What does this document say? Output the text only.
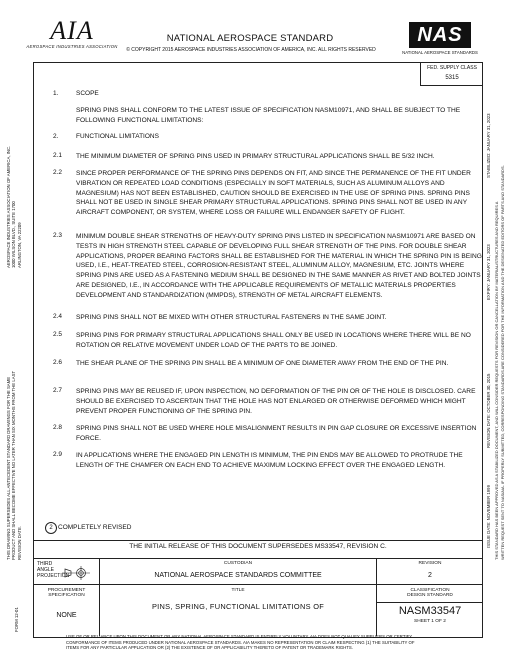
AIA
AEROSPACE INDUSTRIES ASSOCIATION
NATIONAL AEROSPACE STANDARD
© COPYRIGHT 2015 AEROSPACE INDUSTRIES ASSOCIATION OF AMERICA, INC. ALL RIGHTS RESERVED
NAS
NATIONAL AEROSPACE STANDARDS
FED. SUPPLY CLASS
5315
1.	SCOPE
SPRING PINS SHALL CONFORM TO THE LATEST ISSUE OF SPECIFICATION NASM10971, AND SHALL BE SUBJECT TO THE FOLLOWING FUNCTIONAL LIMITATIONS:
2.	FUNCTIONAL LIMITATIONS
2.1 THE MINIMUM DIAMETER OF SPRING PINS USED IN PRIMARY STRUCTURAL APPLICATIONS SHALL BE 5/32 INCH.
2.2 SINCE PROPER PERFORMANCE OF THE SPRING PINS DEPENDS ON FIT, AND SINCE THE PERMANENCE OF THE FIT UNDER VIBRATION OR REPEATED LOAD CONDITIONS (ESPECIALLY IN SOFT MATERIALS, SUCH AS ALUMINUM ALLOYS AND MAGNESIUM) HAS NOT BEEN ESTABLISHED, CAUTION SHOULD BE EXERCISED IN THE USE OF SPRING PINS. SPRING PINS SHALL NOT BE USED IN SINGLE SHEAR PRIMARY STRUCTURAL APPLICATIONS. SPRING PINS SHALL NOT BE USED IN ANY AIRCRAFT COMPONENT, OR SYSTEM, WHERE LOSS OR FAILURE WILL ENDANGER SAFETY OF FLIGHT.
2.3 MINIMUM DOUBLE SHEAR STRENGTHS OF HEAVY-DUTY SPRING PINS LISTED IN SPECIFICATION NASM10971 ARE BASED ON TESTS IN HIGH STRENGTH STEEL CAPABLE OF DEVELOPING FULL SHEAR STRENGTH OF THE PINS. FOR DOUBLE SHEAR APPLICATIONS, PROPER BEARING FACTORS SHALL BE ESTABLISHED FOR THE MATERIAL IN WHICH THE SPRING PIN IS BEING USED, I.E., HEAT-TREATED STEEL, CORROSION-RESISTANT STEEL, ALUMINUM ALLOY, MAGNESIUM, ETC. JOINTS WHERE SPRING PINS ARE USED AS A FASTENING MEDIUM SHALL BE DESIGNED IN THE SAME MANNER AS RIVET AND BOLTED JOINTS ARE DESIGNED, I.E., IN ACCORDANCE WITH THE APPLICABLE REQUIREMENTS OF METALLIC MATERIALS PROPERTIES DEVELOPMENT AND STANDARDIZATION (MMPDS), STRENGTH OF METAL AIRCRAFT ELEMENTS.
2.4 SPRING PINS SHALL NOT BE MIXED WITH OTHER STRUCTURAL FASTENERS IN THE SAME JOINT.
2.5 SPRING PINS FOR PRIMARY STRUCTURAL APPLICATIONS SHALL ONLY BE USED IN LOCATIONS WHERE THERE WILL BE NO ROTATION OR RELATIVE MOVEMENT UNDER LOAD OF THE PARTS TO BE JOINED.
2.6 THE SHEAR PLANE OF THE SPRING PIN SHALL BE A MINIMUM OF ONE DIAMETER AWAY FROM THE END OF THE PIN.
2.7 SPRING PINS MAY BE REUSED IF, UPON INSPECTION, NO DEFORMATION OF THE PIN OR OF THE HOLE IS DISCLOSED. CARE SHOULD BE EXERCISED TO ASCERTAIN THAT THE HOLE HAS NOT ENLARGED OR OTHERWISE DEFORMED WHICH MIGHT PREVENT PROPER FUNCTIONING OF THE SPRING PIN.
2.8 SPRING PINS SHALL NOT BE USED WHERE HOLE MISALIGNMENT RESULTS IN PIN GAP CLOSURE OR EXCESSIVE INSERTION FORCE.
2.9 IN APPLICATIONS WHERE THE ENGAGED PIN LENGTH IS MINIMUM, THE PIN ENDS MAY BE ALLOWED TO PROTRUDE THE LENGTH OF THE CHAMFER ON EACH END TO ACHIEVE MAXIMUM LOCKING EFFECT OVER THE ENGAGED LENGTH.
2 COMPLETELY REVISED
THE INITIAL RELEASE OF THIS DOCUMENT SUPERSEDES MS33547, REVISION C.
THIRD
ANGLE
PROJECTION
CUSTODIAN
NATIONAL AEROSPACE STANDARDS COMMITTEE
REVISION
2
PROCUREMENT
SPECIFICATION
NONE
TITLE
PINS, SPRING, FUNCTIONAL LIMITATIONS OF
CLASSIFICATION
DESIGN STANDARD
NASM33547
SHEET 1 OF 2
USE OF OR RELIANCE UPON THIS DOCUMENT OR ANY NATIONAL AEROSPACE STANDARD IS ENTIRELY VOLUNTARY. AIA DOES NOT QUALIFY SUPPLIERS OR CERTIFY
CONFORMANCE OF ITEMS PRODUCED UNDER NATIONAL AEROSPACE STANDARDS. AIA MAKES NO REPRESENTATION OR CLAIM RESPECTING (1) THE SUITABILITY OF
ITEMS FOR ANY PARTICULAR APPLICATION OR (2) THE EXISTENCE OF OR APPLICABILITY THERETO OF PATENT OR TRADEMARK RIGHTS.
AEROSPACE INDUSTRIES ASSOCIATION OF AMERICA, INC. 1000 WILSON BLVD., SUITE 1700 ARLINGTON, VA 22209
THIS DRAWING SUPERSEDES ALL ANTECEDENT STANDARD DRAWINGS FOR THE SAME PRODUCT AND SHALL BECOME EFFECTIVE NO LATER THAN SIX MONTHS FROM THE LAST REVISION DATE.
FORM 12-01
ISSUE DATE: NOVEMBER 1999
REVISION DATE: OCTOBER 30, 2015
EXPIRY: JANUARY 31, 2023
STABILIZED: JANUARY 31, 2023
THIS STANDARD HAS BEEN APPROVED AS A STABILIZED DOCUMENT, AND WILL CONSIDER REQUESTS FOR REVISION OR CANCELLATION BY MATERIAL/STRUCTURES AND REQUIRES A WRITTEN REQUEST SENT TO NAS/AIA. IF PROPERLY SUBMITTED, CORRESPONDING STANDARDS ARE CONSIDERED FOR THE INFORMATION AND THE DESIGNATED EDITORS OF PARTS AND STANDARDS.
